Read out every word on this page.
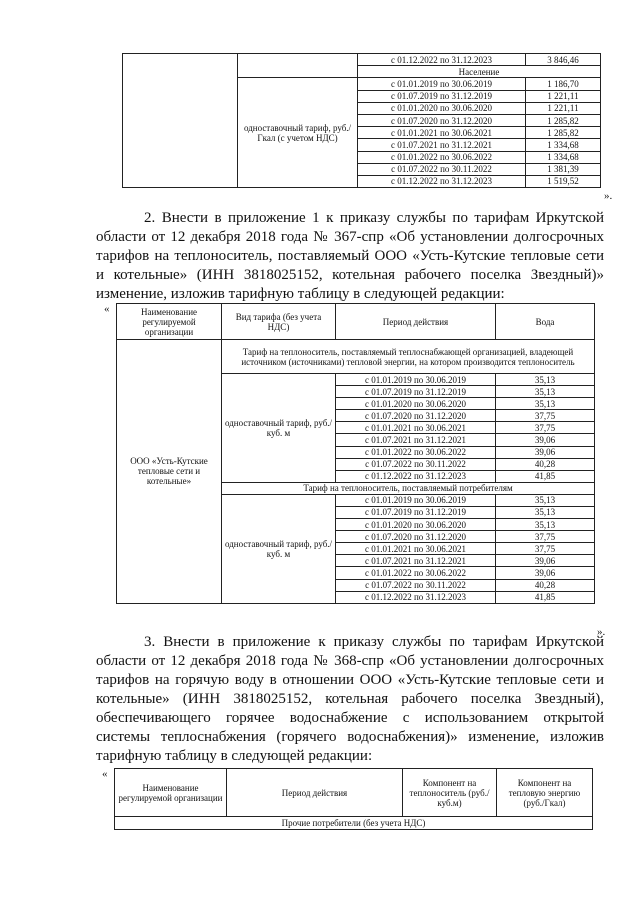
		с 01.12.2022 по 31.12.2023	3 846,46
		Население	
	одноставочный тариф, руб./Гкал (с учетом НДС)	с 01.01.2019 по 30.06.2019	1 186,70
		с 01.07.2019 по 31.12.2019	1 221,11
		с 01.01.2020 по 30.06.2020	1 221,11
		с 01.07.2020 по 31.12.2020	1 285,82
		с 01.01.2021 по 30.06.2021	1 285,82
		с 01.07.2021 по 31.12.2021	1 334,68
		с 01.01.2022 по 30.06.2022	1 334,68
		с 01.07.2022 по 30.11.2022	1 381,39
		с 01.12.2022 по 31.12.2023	1 519,52
».
2. Внести в приложение 1 к приказу службы по тарифам Иркутской области от 12 декабря 2018 года № 367-спр «Об установлении долгосрочных тарифов на теплоноситель, поставляемый ООО «Усть-Кутские тепловые сети и котельные» (ИНН 3818025152, котельная рабочего поселка Звездный)» изменение, изложив тарифную таблицу в следующей редакции:
«	Наименование регулируемой организации	Вид тарифа (без учета НДС)	Период действия	Вода
ООО «Усть-Кутские тепловые сети и котельные»	Тариф на теплоноситель, поставляемый теплоснабжающей организацией, владеющей источником (источниками) тепловой энергии, на котором производится теплоноситель		
	одноставочный тариф, руб./куб. м	с 01.01.2019 по 30.06.2019	35,13
		с 01.07.2019 по 31.12.2019	35,13
		с 01.01.2020 по 30.06.2020	35,13
		с 01.07.2020 по 31.12.2020	37,75
		с 01.01.2021 по 30.06.2021	37,75
		с 01.07.2021 по 31.12.2021	39,06
		с 01.01.2022 по 30.06.2022	39,06
		с 01.07.2022 по 30.11.2022	40,28
		с 01.12.2022 по 31.12.2023	41,85
	Тариф на теплоноситель, поставляемый потребителям		
	одноставочный тариф, руб./куб. м	с 01.01.2019 по 30.06.2019	35,13
		с 01.07.2019 по 31.12.2019	35,13
		с 01.01.2020 по 30.06.2020	35,13
		с 01.07.2020 по 31.12.2020	37,75
		с 01.01.2021 по 30.06.2021	37,75
		с 01.07.2021 по 31.12.2021	39,06
		с 01.01.2022 по 30.06.2022	39,06
		с 01.07.2022 по 30.11.2022	40,28
		с 01.12.2022 по 31.12.2023	41,85
».
3. Внести в приложение к приказу службы по тарифам Иркутской области от 12 декабря 2018 года № 368-спр «Об установлении долгосрочных тарифов на горячую воду в отношении ООО «Усть-Кутские тепловые сети и котельные» (ИНН 3818025152, котельная рабочего поселка Звездный), обеспечивающего горячее водоснабжение с использованием открытой системы теплоснабжения (горячего водоснабжения)» изменение, изложив тарифную таблицу в следующей редакции:
«
Наименование регулируемой организации	Период действия	Компонент на теплоноситель (руб./куб.м)	Компонент на тепловую энергию (руб./Гкал)
Прочие потребители (без учета НДС)
